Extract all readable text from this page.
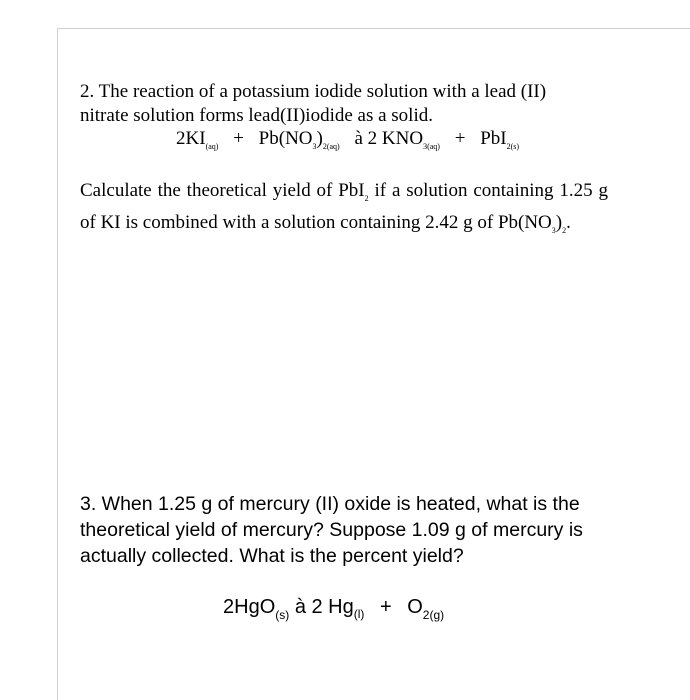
2. The reaction of a potassium iodide solution with a lead (II)
nitrate solution forms lead(II)iodide as a solid.
$2KI_{(aq)} + Pb(NO_3)_{2(aq)}$ à 2 $KNO_{3(aq)} + PbI_{2(s)}$
Calculate the theoretical yield of PbI$_2$ if a solution containing 1.25 g of KI is combined with a solution containing 2.42 g of $Pb(NO_3)_2$.
3. When 1.25 g of mercury (II) oxide is heated, what is the theoretical yield of mercury? Suppose 1.09 g of mercury is actually collected. What is the percent yield?
2HgO$_{(s)}$ à 2 $Hg_{(l)} + O_{2(g)}$
